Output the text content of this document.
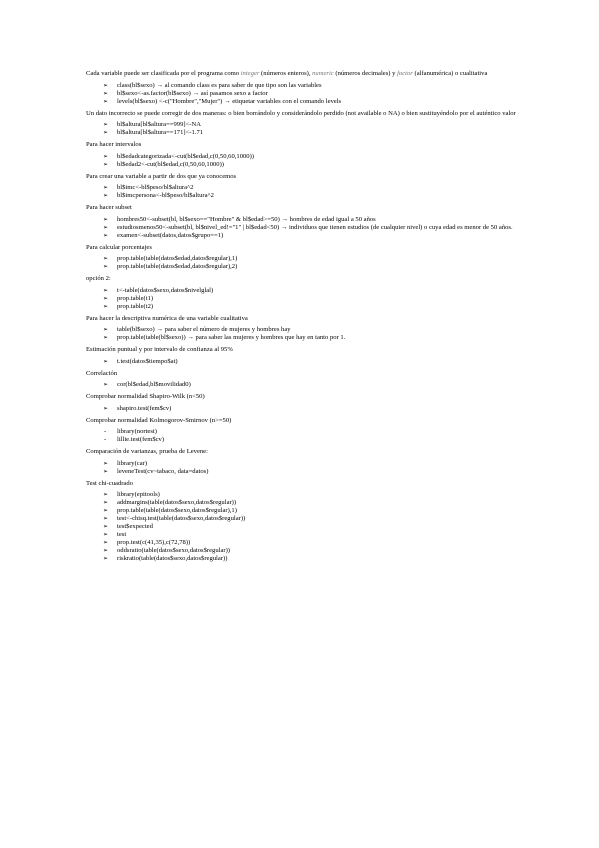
Cada variable puede ser clasificada por el programa como integer (números enteros), numeric (números decimales) y factor (alfanumérica) o cualitativa

➢	class(bl$sexo) → al comando class es para saber de que tipo son las variables
➢	bl$sexo<-as.factor(bl$sexo) → así pasamos sexo a factor
➢	levels(bl$sexo) <-c("Hombre","Mujer") → etiquetar variables con el comando levels

Un dato incorrecto se puede corregir de dos maneras: o bien borrándolo y considerándolo perdido (not available o NA) o bien sustituyéndolo por el auténtico valor

➢	bl$altura[bl$altura==999]<-NA
➢	bl$altura[bl$altura==171]<-1.71

Para hacer intervalos

➢	bl$edadcategorizada<-cut(bl$edad,c(0,50,60,1000))
➢	bl$edad2<-cut(bl$edad,c(0,50,60,1000))

Para crear una variable a partir de dos que ya conocemos

➢	bl$imc<-bl$peso/bl$altura^2
➢	bl$imcpersona<-bl$peso/bl$altura^2

Para hacer subset

➢	hombres50<-subset(bl, bl$sexo=="Hombre" & bl$edad>=50) → hombres de edad igual a 50 años
➢	estudiosmenos50<-subset(bl, bl$nivel_ed!="1" | bl$edad<50) → individuos que tienen estudios (de cualquier nivel) o cuya edad es menor de 50 años.
➢	examen<-subset(datos,datos$grupo==1)

Para calcular porcentajes

➢	prop.table(table(datos$edad,datos$regular),1)
➢	prop.table(table(datos$edad,datos$regular),2)

opción 2:

➢	t<-table(datos$sexo,datos$nivelglal)
➢	prop.table(t1)
➢	prop.table(t2)

Para hacer la descriptiva numérica de una variable cualitativa

➢	table(bl$sexo) → para saber el número de mujeres y hombres hay
➢	prop.table(table(bl$sexo)) → para saber las mujeres y hombres que hay en tanto por 1.

Estimación puntual y por intervalo de confianza al 95%

➢	t.test(datos$tiempo$at)

Correlación

➢	cor(bl$edad,bl$movilidad0)

Comprobar normalidad Shapiro-Wilk (n<50)

➢	shapiro.test(fem$cv)

Comprobar normalidad Kolmogorov-Smirnov (n>=50)

-	library(nortest)
-	lillie.test(fem$cv)

Comparación de varianzas, prueba de Levene:

➢	library(car)
➢	leveneTest(cv~tabaco, data=datos)

Test chi-cuadrado

➢	library(epitools)
➢	addmargins(table(datos$sexo,datos$regular))
➢	prop.table(table(datos$sexo,datos$regular),1)
➢	test<-chisq.test(table(datos$sexo,datos$regular))
➢	test$expected
➢	test
➢	prop.test(c(41,35),c(72,78))
➢	oddsratio(table(datos$sexo,datos$regular))
➢	riskratio(table(datos$sexo,datos$regular))
